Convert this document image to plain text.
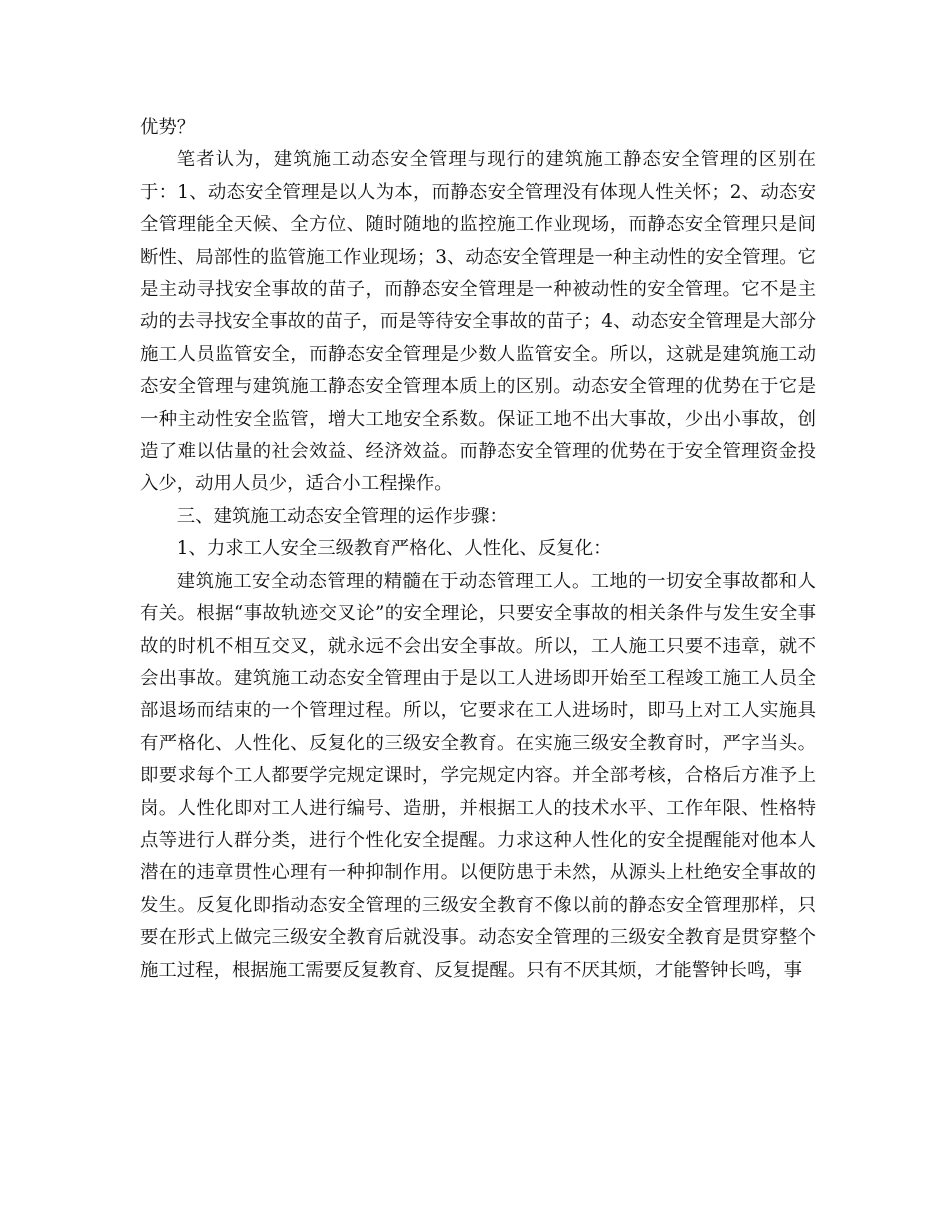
优势？

笔者认为，建筑施工动态安全管理与现行的建筑施工静态安全管理的区别在于：1、动态安全管理是以人为本，而静态安全管理没有体现人性关怀；2、动态安全管理能全天候、全方位、随时随地的监控施工作业现场，而静态安全管理只是间断性、局部性的监管施工作业现场；3、动态安全管理是一种主动性的安全管理。它是主动寻找安全事故的苗子，而静态安全管理是一种被动性的安全管理。它不是主动的去寻找安全事故的苗子，而是等待安全事故的苗子；4、动态安全管理是大部分施工人员监管安全，而静态安全管理是少数人监管安全。所以，这就是建筑施工动态安全管理与建筑施工静态安全管理本质上的区别。动态安全管理的优势在于它是一种主动性安全监管，增大工地安全系数。保证工地不出大事故，少出小事故，创造了难以估量的社会效益、经济效益。而静态安全管理的优势在于安全管理资金投入少，动用人员少，适合小工程操作。

三、建筑施工动态安全管理的运作步骤：

1、力求工人安全三级教育严格化、人性化、反复化：

建筑施工安全动态管理的精髓在于动态管理工人。工地的一切安全事故都和人有关。根据“事故轨迹交叉论”的安全理论，只要安全事故的相关条件与发生安全事故的时机不相互交叉，就永远不会出安全事故。所以，工人施工只要不违章，就不会出事故。建筑施工动态安全管理由于是以工人进场即开始至工程竣工施工人员全部退场而结束的一个管理过程。所以，它要求在工人进场时，即马上对工人实施具有严格化、人性化、反复化的三级安全教育。在实施三级安全教育时，严字当头。即要求每个工人都要学完规定课时，学完规定内容。并全部考核，合格后方准予上岗。人性化即对工人进行编号、造册，并根据工人的技术水平、工作年限、性格特点等进行人群分类，进行个性化安全提醒。力求这种人性化的安全提醒能对他本人潜在的违章贯性心理有一种抑制作用。以便防患于未然，从源头上杜绝安全事故的发生。反复化即指动态安全管理的三级安全教育不像以前的静态安全管理那样，只要在形式上做完三级安全教育后就没事。动态安全管理的三级安全教育是贯穿整个施工过程，根据施工需要反复教育、反复提醒。只有不厌其烦，才能警钟长鸣，事
